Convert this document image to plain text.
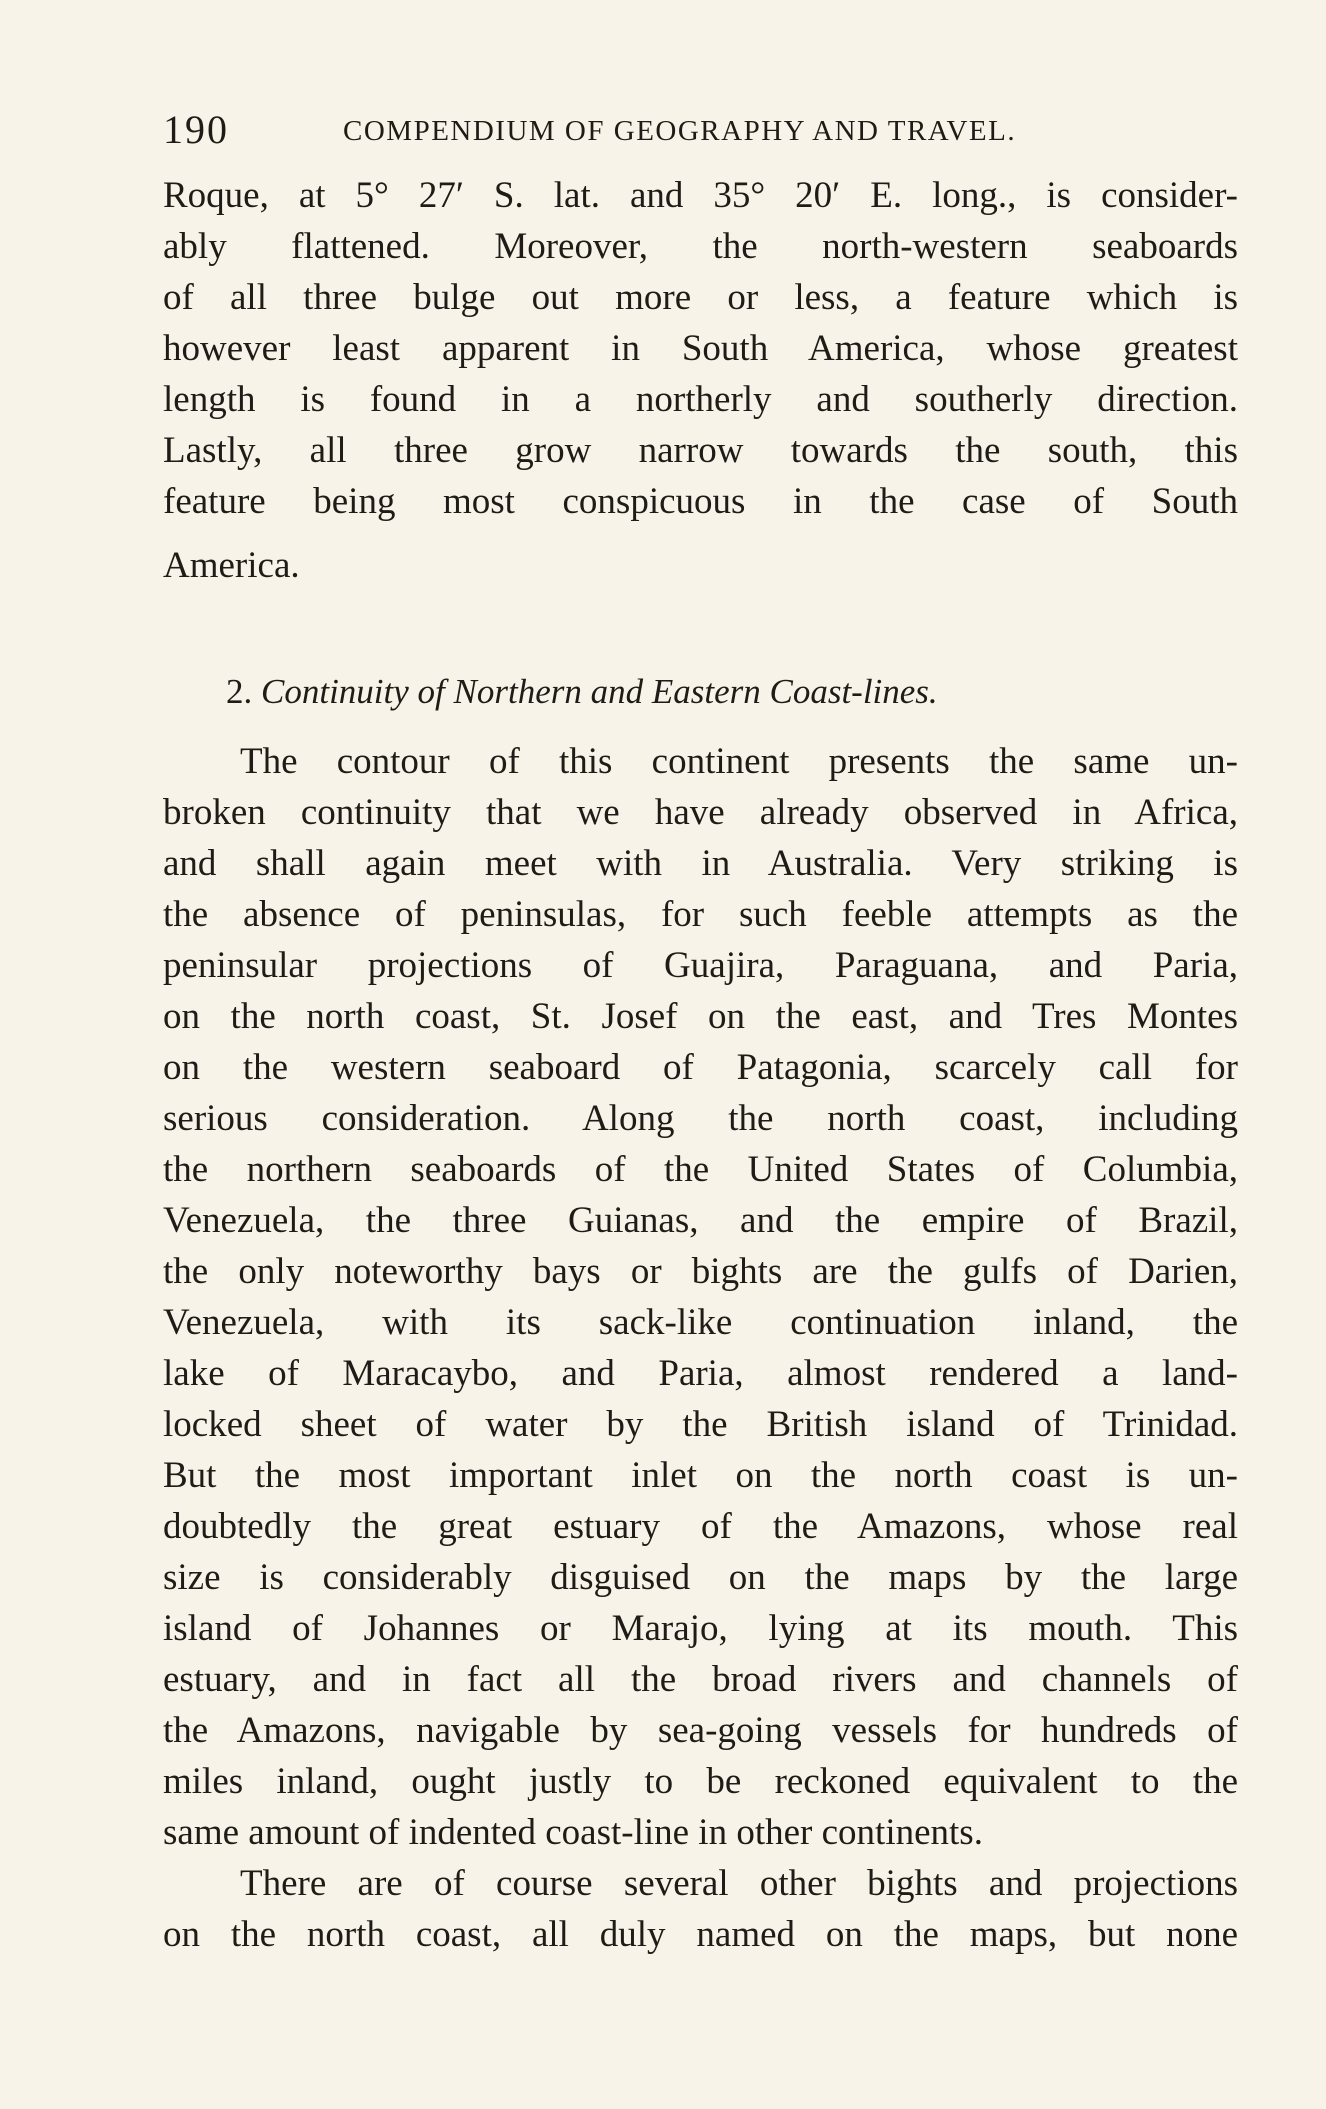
190	COMPENDIUM OF GEOGRAPHY AND TRAVEL.
Roque, at 5° 27′ S. lat. and 35° 20′ E. long., is consider-
ably flattened. Moreover, the north-western seaboards
of all three bulge out more or less, a feature which is
however least apparent in South America, whose greatest
length is found in a northerly and southerly direction.
Lastly, all three grow narrow towards the south, this
feature being most conspicuous in the case of South
America.
2. Continuity of Northern and Eastern Coast-lines.
The contour of this continent presents the same un-
broken continuity that we have already observed in Africa,
and shall again meet with in Australia. Very striking is
the absence of peninsulas, for such feeble attempts as the
peninsular projections of Guajira, Paraguana, and Paria,
on the north coast, St. Josef on the east, and Tres Montes
on the western seaboard of Patagonia, scarcely call for
serious consideration. Along the north coast, including
the northern seaboards of the United States of Columbia,
Venezuela, the three Guianas, and the empire of Brazil,
the only noteworthy bays or bights are the gulfs of Darien,
Venezuela, with its sack-like continuation inland, the
lake of Maracaybo, and Paria, almost rendered a land-
locked sheet of water by the British island of Trinidad.
But the most important inlet on the north coast is un-
doubtedly the great estuary of the Amazons, whose real
size is considerably disguised on the maps by the large
island of Johannes or Marajo, lying at its mouth. This
estuary, and in fact all the broad rivers and channels of
the Amazons, navigable by sea-going vessels for hundreds of
miles inland, ought justly to be reckoned equivalent to the
same amount of indented coast-line in other continents.
There are of course several other bights and projections
on the north coast, all duly named on the maps, but none
